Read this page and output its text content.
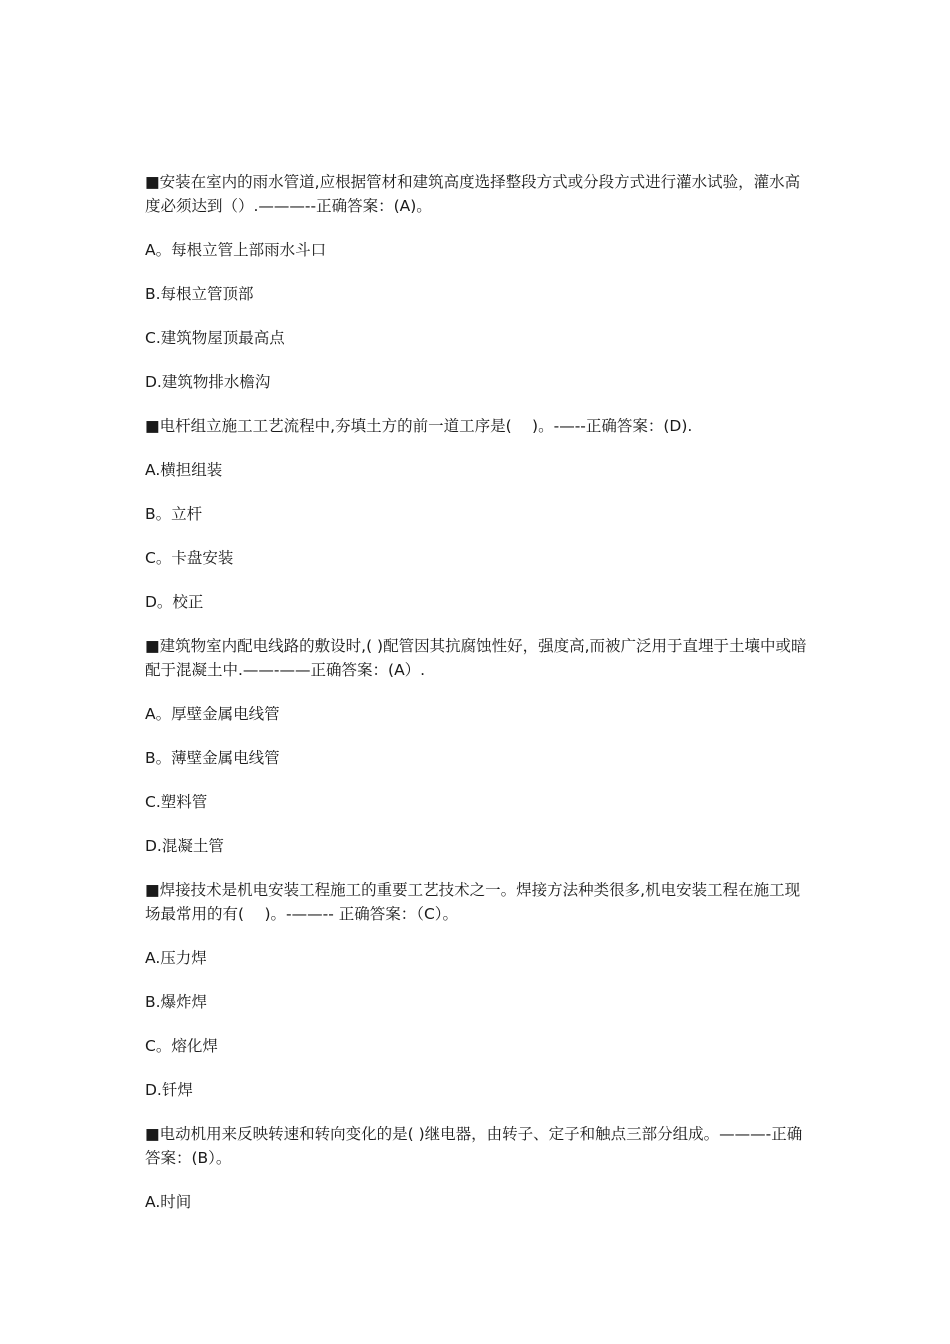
■安装在室内的雨水管道,应根据管材和建筑高度选择整段方式或分段方式进行灌水试验，灌水高度必须达到（）.———--正确答案：(A)。

A。每根立管上部雨水斗口
B.每根立管顶部
C.建筑物屋顶最高点
D.建筑物排水檐沟

■电杆组立施工工艺流程中,夯填土方的前一道工序是(　 )。-—--正确答案：(D).

A.横担组装
B。立杆
C。卡盘安装
D。校正

■建筑物室内配电线路的敷设时,( )配管因其抗腐蚀性好，强度高,而被广泛用于直埋于土壤中或暗配于混凝土中.——-——正确答案：(A）.

A。厚壁金属电线管
B。薄壁金属电线管
C.塑料管
D.混凝土管

■焊接技术是机电安装工程施工的重要工艺技术之一。焊接方法种类很多,机电安装工程在施工现场最常用的有(　 )。-——-- 正确答案：（C）。

A.压力焊
B.爆炸焊
C。熔化焊
D.钎焊

■电动机用来反映转速和转向变化的是( )继电器，由转子、定子和触点三部分组成。———-正确答案：(B）。

A.时间
